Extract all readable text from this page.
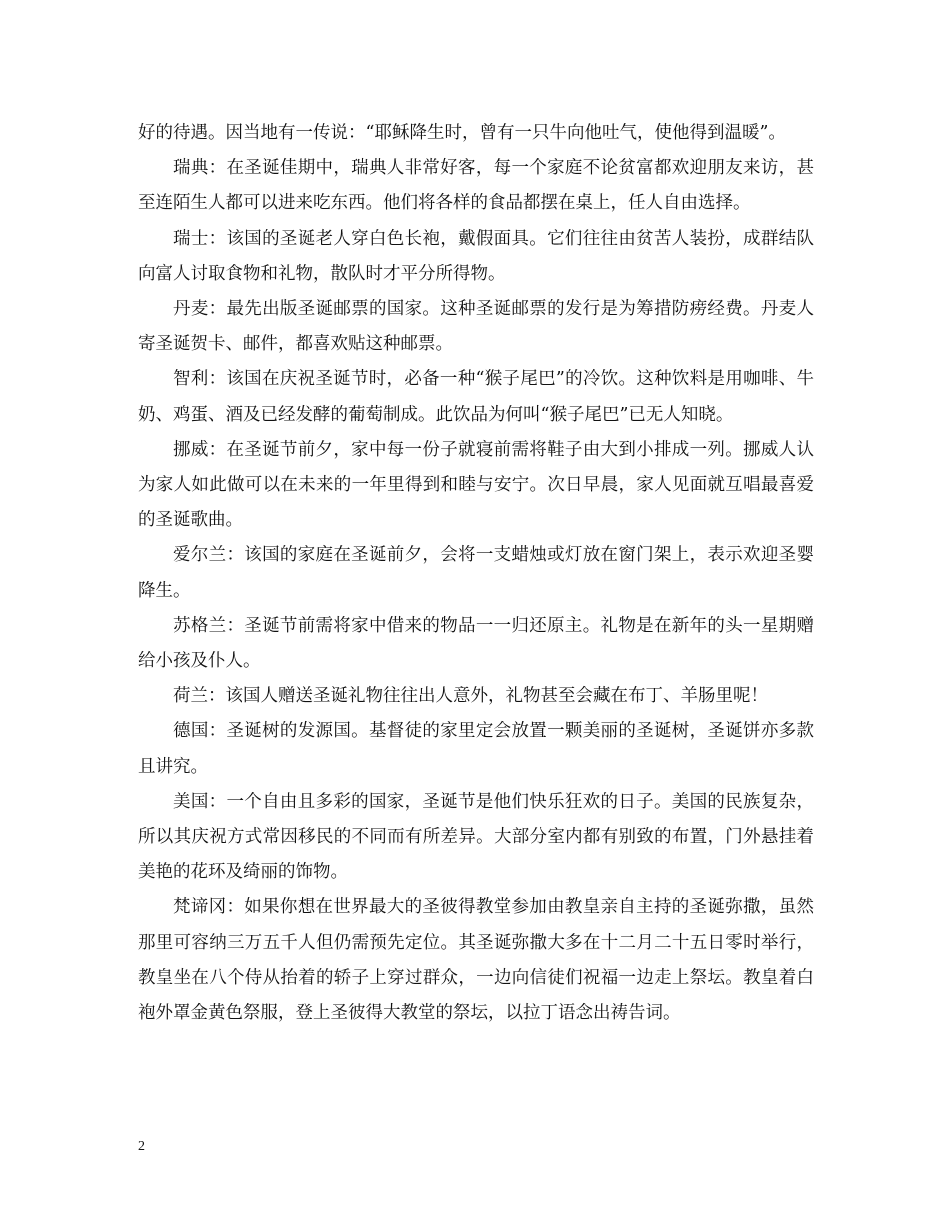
好的待遇。因当地有一传说：“耶稣降生时，曾有一只牛向他吐气，使他得到温暖”。

瑞典：在圣诞佳期中，瑞典人非常好客，每一个家庭不论贫富都欢迎朋友来访，甚至连陌生人都可以进来吃东西。他们将各样的食品都摆在桌上，任人自由选择。

瑞士：该国的圣诞老人穿白色长袍，戴假面具。它们往往由贫苦人装扮，成群结队向富人讨取食物和礼物，散队时才平分所得物。

丹麦：最先出版圣诞邮票的国家。这种圣诞邮票的发行是为筹措防痨经费。丹麦人寄圣诞贺卡、邮件，都喜欢贴这种邮票。

智利：该国在庆祝圣诞节时，必备一种“猴子尾巴”的冷饮。这种饮料是用咖啡、牛奶、鸡蛋、酒及已经发酵的葡萄制成。此饮品为何叫“猴子尾巴”已无人知晓。

挪威：在圣诞节前夕，家中每一份子就寝前需将鞋子由大到小排成一列。挪威人认为家人如此做可以在未来的一年里得到和睦与安宁。次日早晨，家人见面就互唱最喜爱的圣诞歌曲。

爱尔兰：该国的家庭在圣诞前夕，会将一支蜡烛或灯放在窗门架上，表示欢迎圣婴降生。

苏格兰：圣诞节前需将家中借来的物品一一归还原主。礼物是在新年的头一星期赠给小孩及仆人。

荷兰：该国人赠送圣诞礼物往往出人意外，礼物甚至会藏在布丁、羊肠里呢！

德国：圣诞树的发源国。基督徒的家里定会放置一颗美丽的圣诞树，圣诞饼亦多款且讲究。

美国：一个自由且多彩的国家，圣诞节是他们快乐狂欢的日子。美国的民族复杂，所以其庆祝方式常因移民的不同而有所差异。大部分室内都有别致的布置，门外悬挂着美艳的花环及绮丽的饰物。

梵谛冈：如果你想在世界最大的圣彼得教堂参加由教皇亲自主持的圣诞弥撒，虽然那里可容纳三万五千人但仍需预先定位。其圣诞弥撒大多在十二月二十五日零时举行，教皇坐在八个侍从抬着的轿子上穿过群众，一边向信徒们祝福一边走上祭坛。教皇着白袍外罩金黄色祭服，登上圣彼得大教堂的祭坛，以拉丁语念出祷告词。

2
